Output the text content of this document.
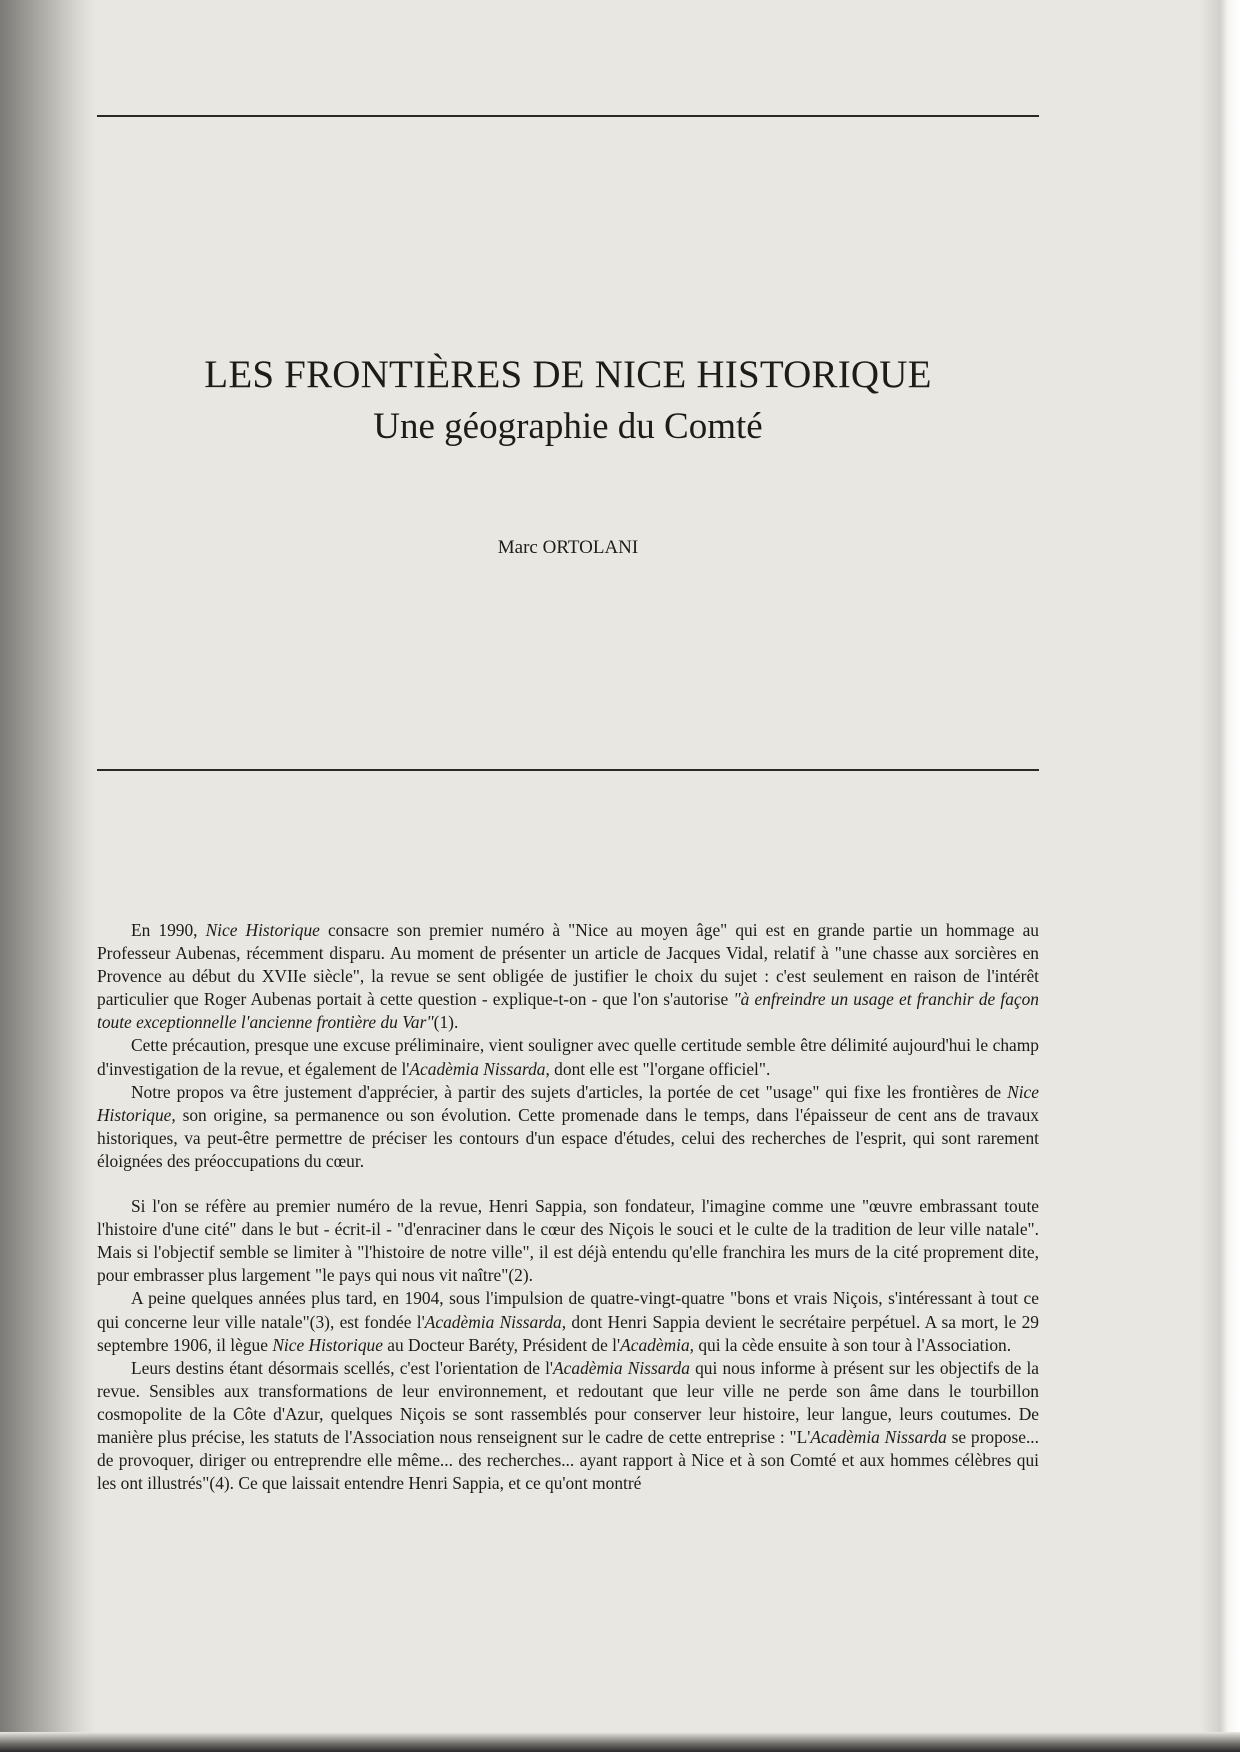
LES FRONTIÈRES DE NICE HISTORIQUE
Une géographie du Comté
Marc ORTOLANI

En 1990, Nice Historique consacre son premier numéro à "Nice au moyen âge" qui est en grande partie un hommage au Professeur Aubenas, récemment disparu. Au moment de présenter un article de Jacques Vidal, relatif à "une chasse aux sorcières en Provence au début du XVIIe siècle", la revue se sent obligée de justifier le choix du sujet : c'est seulement en raison de l'intérêt particulier que Roger Aubenas portait à cette question - explique-t-on - que l'on s'autorise "à enfreindre un usage et franchir de façon toute exceptionnelle l'ancienne frontière du Var"(1).

Cette précaution, presque une excuse préliminaire, vient souligner avec quelle certitude semble être délimité aujourd'hui le champ d'investigation de la revue, et également de l'Acadèmia Nissarda, dont elle est "l'organe officiel".

Notre propos va être justement d'apprécier, à partir des sujets d'articles, la portée de cet "usage" qui fixe les frontières de Nice Historique, son origine, sa permanence ou son évolution. Cette promenade dans le temps, dans l'épaisseur de cent ans de travaux historiques, va peut-être permettre de préciser les contours d'un espace d'études, celui des recherches de l'esprit, qui sont rarement éloignées des préoccupations du cœur.

Si l'on se réfère au premier numéro de la revue, Henri Sappia, son fondateur, l'imagine comme une "œuvre embrassant toute l'histoire d'une cité" dans le but - écrit-il - "d'enraciner dans le cœur des Niçois le souci et le culte de la tradition de leur ville natale". Mais si l'objectif semble se limiter à "l'histoire de notre ville", il est déjà entendu qu'elle franchira les murs de la cité proprement dite, pour embrasser plus largement "le pays qui nous vit naître"(2).

A peine quelques années plus tard, en 1904, sous l'impulsion de quatre-vingt-quatre "bons et vrais Niçois, s'intéressant à tout ce qui concerne leur ville natale"(3), est fondée l'Acadèmia Nissarda, dont Henri Sappia devient le secrétaire perpétuel. A sa mort, le 29 septembre 1906, il lègue Nice Historique au Docteur Baréty, Président de l'Acadèmia, qui la cède ensuite à son tour à l'Association.

Leurs destins étant désormais scellés, c'est l'orientation de l'Acadèmia Nissarda qui nous informe à présent sur les objectifs de la revue. Sensibles aux transformations de leur environnement, et redoutant que leur ville ne perde son âme dans le tourbillon cosmopolite de la Côte d'Azur, quelques Niçois se sont rassemblés pour conserver leur histoire, leur langue, leurs coutumes. De manière plus précise, les statuts de l'Association nous renseignent sur le cadre de cette entreprise : "L'Acadèmia Nissarda se propose... de provoquer, diriger ou entreprendre elle même... des recherches... ayant rapport à Nice et à son Comté et aux hommes célèbres qui les ont illustrés"(4). Ce que laissait entendre Henri Sappia, et ce qu'ont montré
